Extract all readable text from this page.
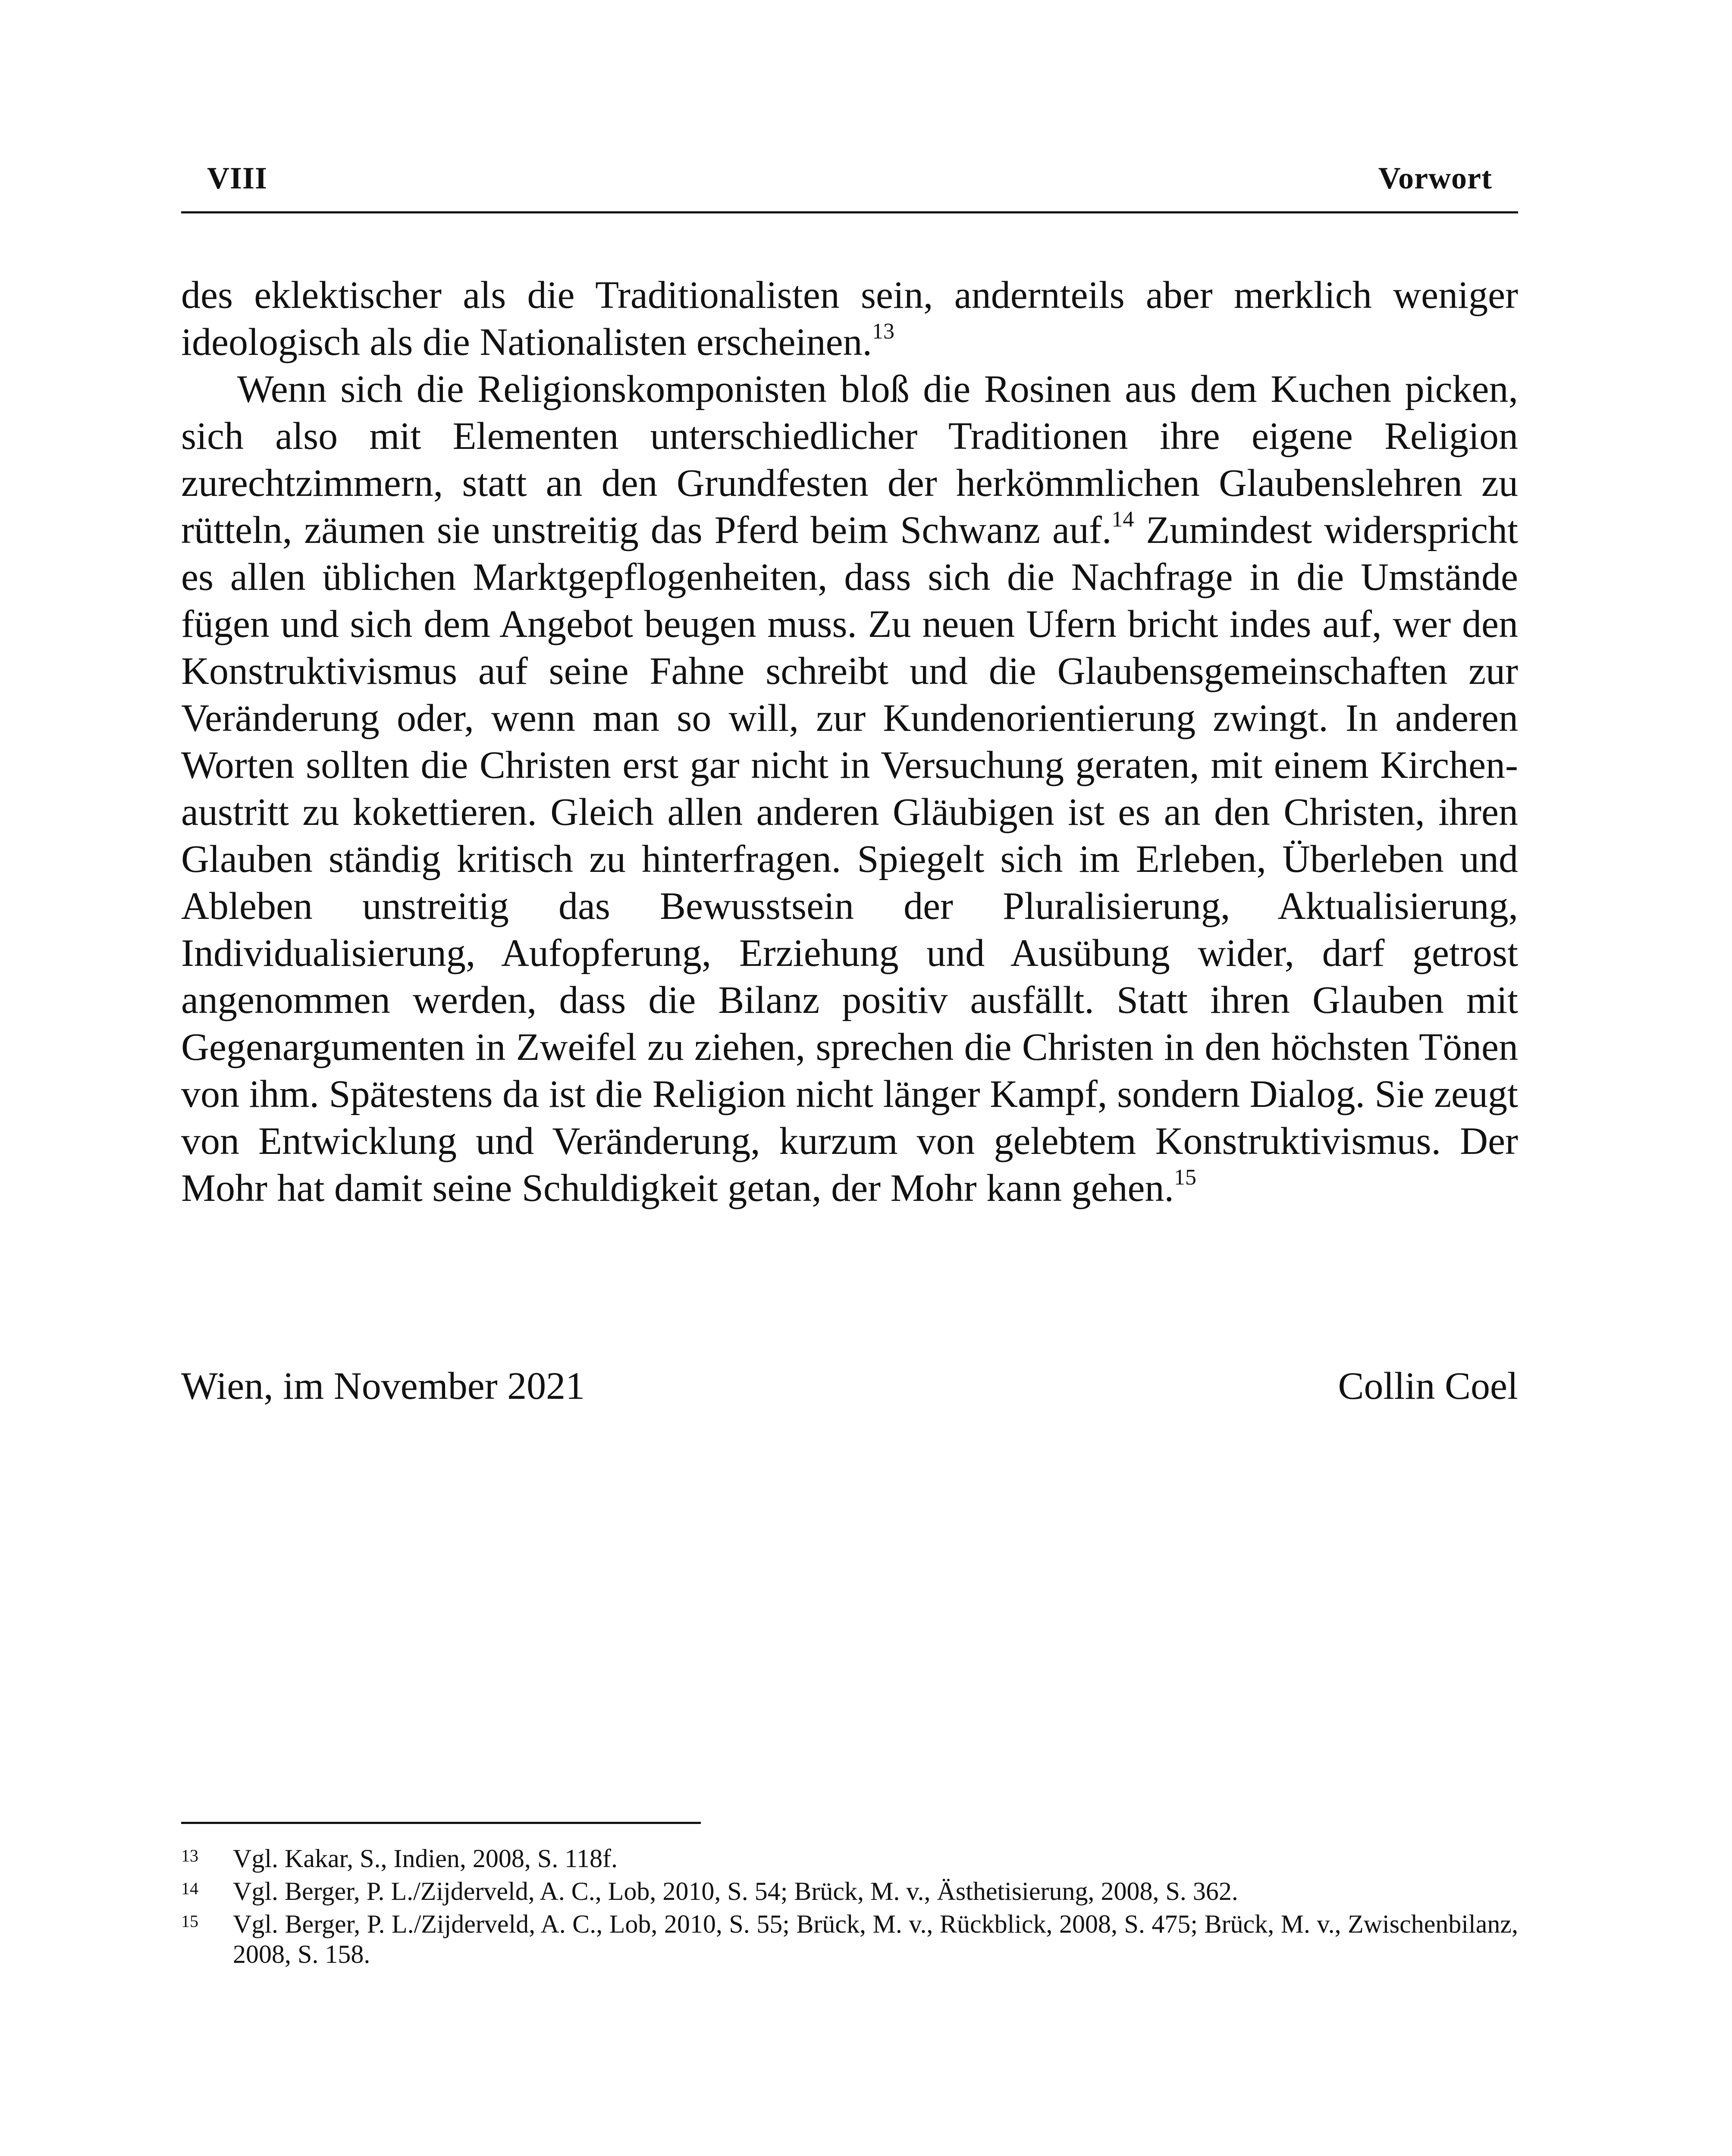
VIII	Vorwort

des eklektischer als die Traditionalisten sein, andernteils aber merklich weniger ideologisch als die Nationalisten erscheinen.$^{13}$

Wenn sich die Religionskomponisten bloß die Rosinen aus dem Kuchen picken, sich also mit Elementen unterschiedlicher Traditionen ihre eigene Religion zurechtzimmern, statt an den Grundfesten der herkömmlichen Glaubenslehren zu rütteln, zäumen sie unstreitig das Pferd beim Schwanz auf.$^{14}$ Zumindest widerspricht es allen üblichen Marktgepflogenheiten, dass sich die Nachfrage in die Umstände fügen und sich dem Angebot beugen muss. Zu neuen Ufern bricht indes auf, wer den Konstruktivismus auf seine Fahne schreibt und die Glaubensgemeinschaften zur Veränderung oder, wenn man so will, zur Kundenorientierung zwingt. In anderen Worten sollten die Christen erst gar nicht in Versuchung geraten, mit einem Kirchenaustritt zu kokettieren. Gleich allen anderen Gläubigen ist es an den Christen, ihren Glauben ständig kritisch zu hinterfragen. Spiegelt sich im Erleben, Überleben und Ableben unstreitig das Bewusstsein der Pluralisierung, Aktualisierung, Individualisierung, Aufopferung, Erziehung und Ausübung wider, darf getrost angenommen werden, dass die Bilanz positiv ausfällt. Statt ihren Glauben mit Gegenargumenten in Zweifel zu ziehen, sprechen die Christen in den höchsten Tönen von ihm. Spätestens da ist die Religion nicht länger Kampf, sondern Dialog. Sie zeugt von Entwicklung und Veränderung, kurzum von gelebtem Konstruktivismus. Der Mohr hat damit seine Schuldigkeit getan, der Mohr kann gehen.$^{15}$

Wien, im November 2021	Collin Coel
13 Vgl. Kakar, S., Indien, 2008, S. 118f.
14 Vgl. Berger, P. L./Zijderveld, A. C., Lob, 2010, S. 54; Brück, M. v., Ästhetisierung, 2008, S. 362.
15 Vgl. Berger, P. L./Zijderveld, A. C., Lob, 2010, S. 55; Brück, M. v., Rückblick, 2008, S. 475; Brück, M. v., Zwischenbilanz, 2008, S. 158.
